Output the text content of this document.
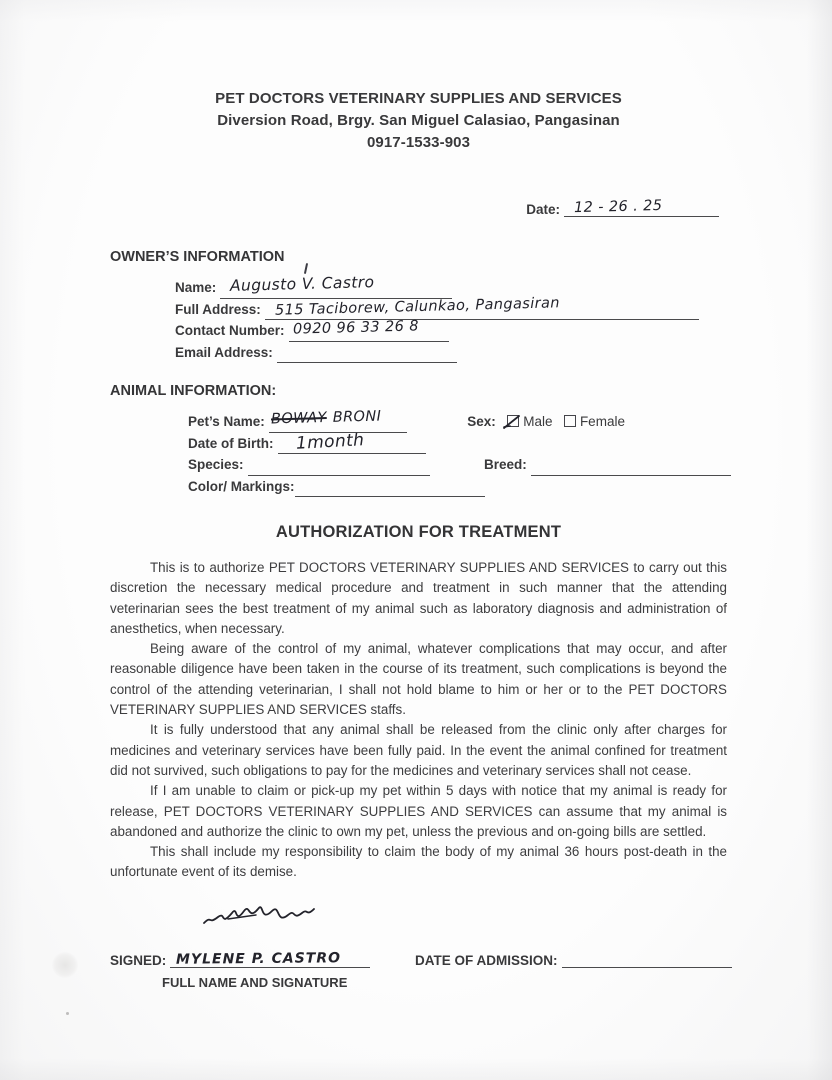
PET DOCTORS VETERINARY SUPPLIES AND SERVICES
Diversion Road, Brgy. San Miguel Calasiao, Pangasinan
0917-1533-903
Date: 12 - 26 . 25
OWNER’S INFORMATION
Name: Augusto V. Castro
Full Address: 515 Taciborew, Calunkao, Pangasiran
Contact Number: 0920 96 33 26 8
Email Address:
ANIMAL INFORMATION:
Pet’s Name: BOWAY BRONI	Sex: Male Female
Date of Birth: 1month
Species:	Breed:
Color/ Markings:
AUTHORIZATION FOR TREATMENT

This is to authorize PET DOCTORS VETERINARY SUPPLIES AND SERVICES to carry out this discretion the necessary medical procedure and treatment in such manner that the attending veterinarian sees the best treatment of my animal such as laboratory diagnosis and administration of anesthetics, when necessary.

Being aware of the control of my animal, whatever complications that may occur, and after reasonable diligence have been taken in the course of its treatment, such complications is beyond the control of the attending veterinarian, I shall not hold blame to him or her or to the PET DOCTORS VETERINARY SUPPLIES AND SERVICES staffs.

It is fully understood that any animal shall be released from the clinic only after charges for medicines and veterinary services have been fully paid. In the event the animal confined for treatment did not survived, such obligations to pay for the medicines and veterinary services shall not cease.

If I am unable to claim or pick-up my pet within 5 days with notice that my animal is ready for release, PET DOCTORS VETERINARY SUPPLIES AND SERVICES can assume that my animal is abandoned and authorize the clinic to own my pet, unless the previous and on-going bills are settled.

This shall include my responsibility to claim the body of my animal 36 hours post-death in the unfortunate event of its demise.

SIGNED: MYLENE P. CASTRO
FULL NAME AND SIGNATURE
DATE OF ADMISSION:
